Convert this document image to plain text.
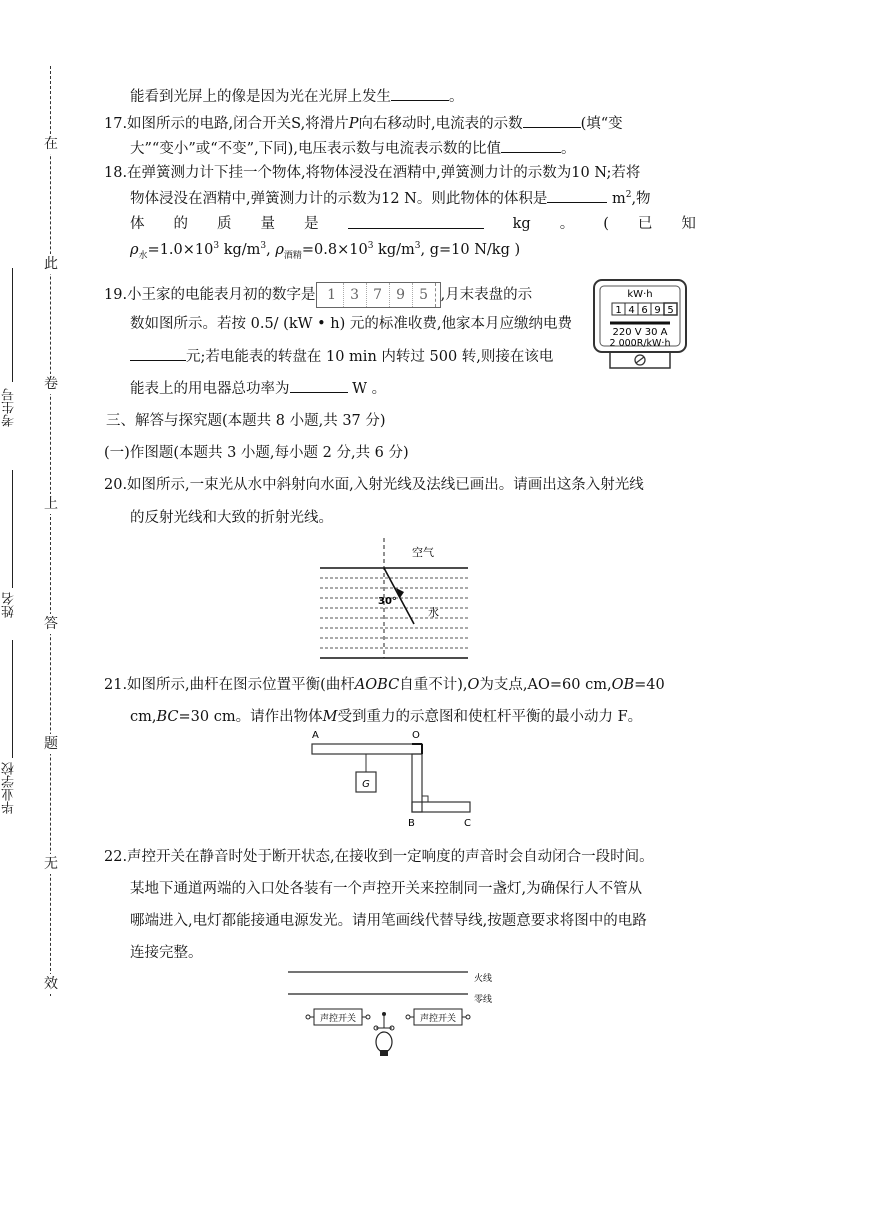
在
此
卷
上
答
题
无
效
考生号
姓名
毕业学校
能看到光屏上的像是因为光在光屏上发生	。
17.如图所示的电路,闭合开关S,将滑片P向右移动时,电流表的示数	(填“变
大”“变小”或“不变”,下同),电压表示数与电流表示数的比值	。
18.在弹簧测力计下挂一个物体,将物体浸没在酒精中,弹簧测力计的示数为10 N;若将
物体浸没在酒精中,弹簧测力计的示数为12 N。则此物体的体积是	$m^2$,物
体 的 质 量 是	kg 。 ( 已 知
$\rho_水=1.0\times 10^3$ $kg/m^3$, $\rho_{酒精}=0.8\times 10^3$ $kg/m^3$, g=10 N/kg )
19.小王家的电能表月初的数字是 1 3 7 9 5 ,月末表盘的示
数如图所示。若按 0.5/ (kW • h) 元的标准收费,他家本月应缴纳电费
元;若电能表的转盘在 10 min 内转过 500 转,则接在该电
能表上的用电器总功率为	W 。
kW·h
1 4 6 9 5
220 V 30 A
2 000R/kW·h
三、解答与探究题(本题共 8 小题,共 37 分)
(一)作图题(本题共 3 小题,每小题 2 分,共 6 分)
20.如图所示,一束光从水中斜射向水面,入射光线及法线已画出。请画出这条入射光线
的反射光线和大致的折射光线。
空气
30°
水
21.如图所示,曲杆在图示位置平衡(曲杆AOBC自重不计),O为支点,AO=60 cm,OB=40
cm,BC=30 cm。请作出物体M受到重力的示意图和使杠杆平衡的最小动力 F。
A	O
G
B	C
22.声控开关在静音时处于断开状态,在接收到一定响度的声音时会自动闭合一段时间。
某地下通道两端的入口处各装有一个声控开关来控制同一盏灯,为确保行人不管从
哪端进入,电灯都能接通电源发光。请用笔画线代替导线,按题意要求将图中的电路
连接完整。
火线
零线
声控开关	声控开关
